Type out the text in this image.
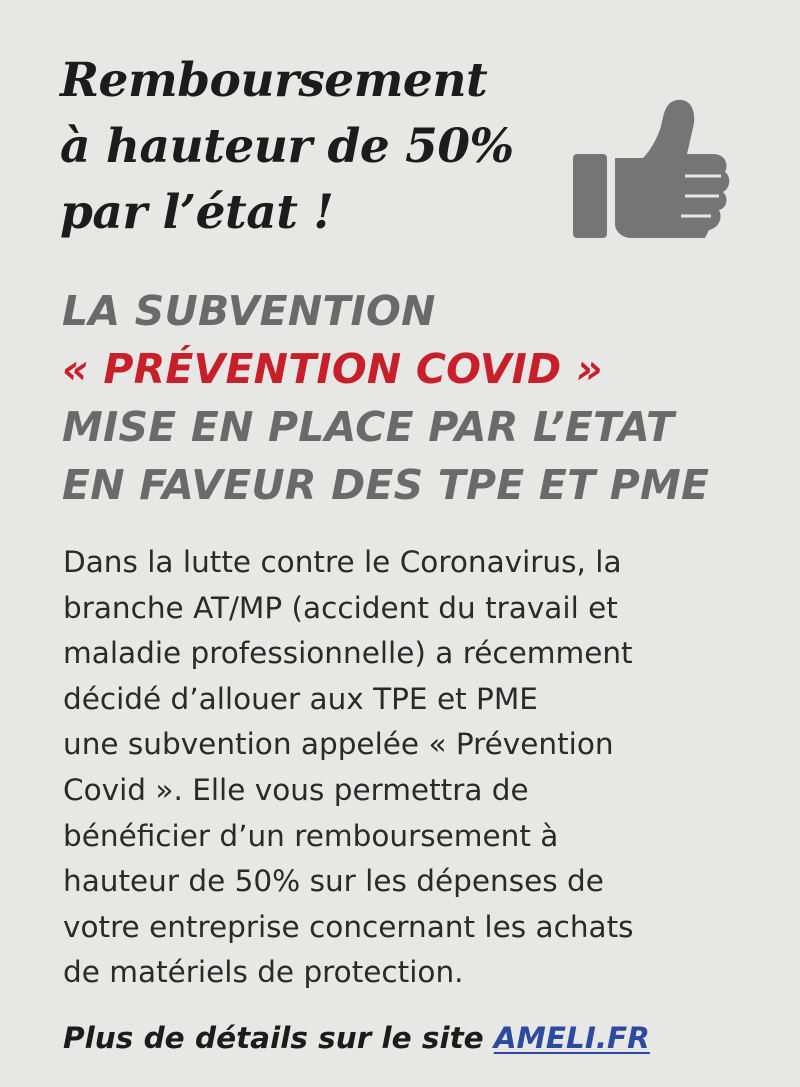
Remboursement
à hauteur de 50%
par l’état !
LA SUBVENTION
« PRÉVENTION COVID »
MISE EN PLACE PAR L’ETAT
EN FAVEUR DES TPE ET PME

Dans la lutte contre le Coronavirus, la
branche AT/MP (accident du travail et
maladie professionnelle) a récemment
décidé d’allouer aux TPE et PME
une subvention appelée « Prévention
Covid ». Elle vous permettra de
bénéficier d’un remboursement à
hauteur de 50% sur les dépenses de
votre entreprise concernant les achats
de matériels de protection.

Plus de détails sur le site AMELI.FR
